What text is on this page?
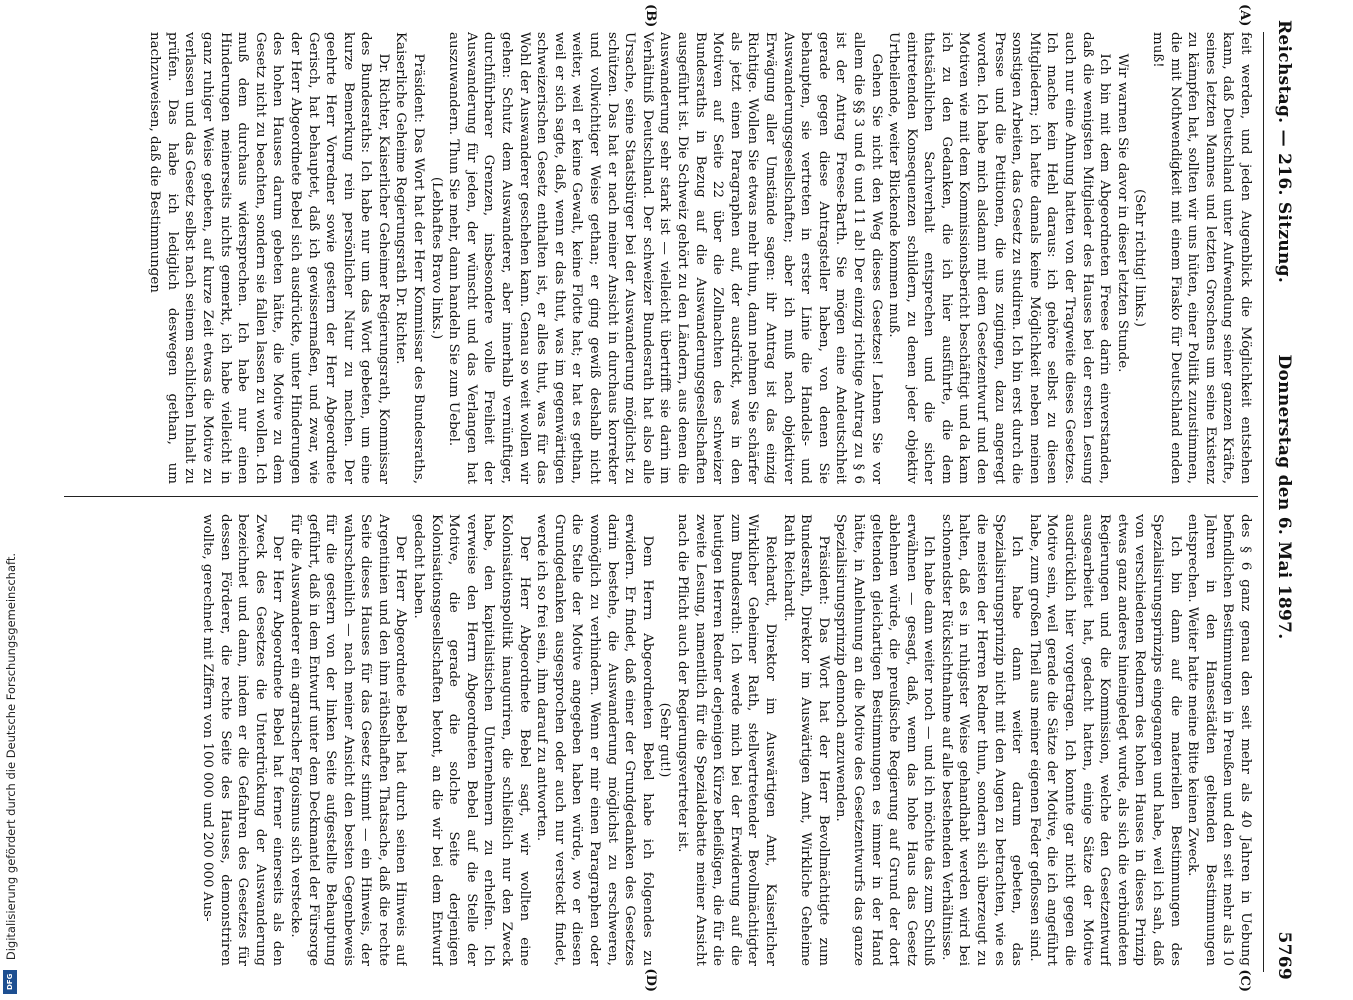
Digitalisierung gefördert durch die Deutsche Forschungsgemeinschaft.
DFG
Reichstag. — 216. Sitzung.
Donnerstag den 6. Mai 1897.
5769
(A)
(B)
(C)
(D)

feit werden, und jeden Augenblick die Möglichkeit entstehen kann, daß Deutschland unter Aufwendung seiner ganzen Kräfte, seines letzten Mannes und letzten Groschens um seine Existenz zu kämpfen hat, sollten wir uns hüten, einer Politik zuzustimmen, die mit Nothwendigkeit mit einem Fiasko für Deutschland enden muß!

(Sehr richtig! links.)

Wir warnen Sie davor in dieser letzten Stunde.

Ich bin mit dem Abgeordneten Freese darin einverstanden, daß die wenigsten Mitglieder des Hauses bei der ersten Lesung auch nur eine Ahnung hatten von der Tragweite dieses Gesetzes. Ich mache kein Hehl daraus: ich gehöre selbst zu diesen Mitgliedern; ich hatte damals keine Möglichkeit neben meinen sonstigen Arbeiten, das Gesetz zu studiren. Ich bin erst durch die Presse und die Petitionen, die uns zugingen, dazu angeregt worden. Ich habe mich alsdann mit dem Gesetzentwurf und den Motiven wie mit dem Kommissionsbericht beschäftigt und da kam ich zu den Gedanken, die ich hier ausführte, die dem thatsächlichen Sachverhalt entsprechen und die sicher eintretenden Konsequenzen schildern, zu denen jeder objektiv Urtheilende, weiter Blickende kommen muß.

Gehen Sie nicht den Weg dieses Gesetzes! Lehnen Sie vor allem die §§ 3 und 6 und 11 ab! Der einzig richtige Antrag zu § 6 ist der Antrag Freese-Barth. Sie mögen eine Andeutschheit gerade gegen diese Antragsteller haben, von denen Sie behaupten, sie vertreten in erster Linie die Handels- und Auswanderungsgesellschaften; aber ich muß nach objektiver Erwägung aller Umstände sagen: ihr Antrag ist das einzig Richtige. Wollen Sie etwas mehr thun, dann nehmen Sie schärfer als jetzt einen Paragraphen auf, der ausdrückt, was in den Motiven auf Seite 22 über die Zollnachten des schweizer Bundesraths in Bezug auf die Auswanderungsgesellschaften ausgeführt ist. Die Schweiz gehört zu den Ländern, aus denen die Auswanderung sehr stark ist — vielleicht übertrifft sie darin im Verhältniß Deutschland. Der schweizer Bundesrath hat also alle Ursache, seine Staatsbürger bei der Auswanderung möglichst zu schützen. Das hat er nach meiner Ansicht in durchaus korrekter und vollwichtiger Weise gethan; er ging gewiß deshalb nicht weiter, weil er keine Gewalt, keine Flotte hat; er hat es gethan, weil er sich sagte, daß, wenn er das thut, was im gegenwärtigen schweizerischen Gesetz enthalten ist, er alles thut, was für das Wohl der Auswanderer geschehen kann. Genau so weit wollen wir gehen: Schutz dem Auswanderer, aber innerhalb vernünftiger, durchführbarer Grenzen, insbesondere volle Freiheit der Auswanderung für jeden, der wünscht und das Verlangen hat auszuwandern. Thun Sie mehr, dann handeln Sie zum Uebel.

(Lebhaftes Bravo links.)

Präsident: Das Wort hat der Herr Kommissar des Bundesraths, Kaiserliche Geheime Regierungsrath Dr. Richter.

Dr. Richter, Kaiserlicher Geheimer Regierungsrath, Kommissar des Bundesraths: Ich habe nur um das Wort gebeten, um eine kurze Bemerkung rein persönlicher Natur zu machen. Der geehrte Herr Vorredner sowie gestern der Herr Abgeordnete Gerisch, hat behauptet, daß ich gewissermaßen, und zwar, wie der Herr Abgeordnete Bebel sich ausdrückte, unter Hinderungen des hohen Hauses darum gebeten hätte, die Motive zu dem Gesetz nicht zu beachten, sondern sie fallen lassen zu wollen. Ich muß dem durchaus widersprechen. Ich habe nur einen Hinderungen meinerseits nichts gemerkt, ich habe vielleicht in ganz ruhiger Weise gebeten, auf kurze Zeit etwas die Motive zu verlassen und das Gesetz selbst nach seinem sachlichen Inhalt zu prüfen. Das habe ich lediglich deswegen gethan, um nachzuweisen, daß die Bestimmungen

des § 6 ganz genau den seit mehr als 40 Jahren in Uebung befindlichen Bestimmungen in Preußen und den seit mehr als 10 Jahren in den Hansestädten geltenden Bestimmungen entsprechen. Weiter hatte meine Bitte keinen Zweck.

Ich bin dann auf die materiellen Bestimmungen des Spezialisirungsprinzips eingegangen und habe, weil ich sah, daß von verschiedenen Rednern des hohen Hauses in dieses Prinzip etwas ganz anderes hineingelegt wurde, als sich die verbündeten Regierungen und die Kommission, welche den Gesetzentwurf ausgearbeitet hat, gedacht hatten, einige Sätze der Motive ausdrücklich hier vorgetragen. Ich konnte gar nicht gegen die Motive sein, weil gerade die Sätze der Motive, die ich angeführt habe, zum großen Theil aus meiner eigenen Feder geflossen sind.

Ich habe dann weiter darum gebeten, das Spezialisirungsprinzip nicht mit den Augen zu betrachten, wie es die meisten der Herren Redner thun, sondern sich überzeugt zu halten, daß es in ruhigster Weise gehandhabt werden wird bei schonendster Rücksichtnahme auf alle bestehenden Verhältnisse.

Ich habe dann weiter noch — und ich möchte das zum Schluß erwähnen — gesagt, daß, wenn das hohe Haus das Gesetz ablehnen würde, die preußische Regierung auf Grund der dort geltenden gleichartigen Bestimmungen es immer in der Hand hätte, in Anlehnung an die Motive des Gesetzentwurfs das ganze Spezialisirungsprinzip dennoch anzuwenden.

Präsident: Das Wort hat der Herr Bevollmächtigte zum Bundesrath, Direktor im Auswärtigen Amt, Wirkliche Geheime Rath Reichardt.

Reichardt, Direktor im Auswärtigen Amt, Kaiserlicher Wirklicher Geheimer Rath, stellvertretender Bevollmächtigter zum Bundesrath: Ich werde mich bei der Erwiderung auf die heutigen Herren Redner derjenigen Kürze befleißigen, die für die zweite Lesung, namentlich für die Spezialdebatte meiner Ansicht nach die Pflicht auch der Regierungsvertreter ist.

(Sehr gut!)

Dem Herrn Abgeordneten Bebel habe ich folgendes zu erwidern. Er findet, daß einer der Grundgedanken des Gesetzes darin bestehe, die Auswanderung möglichst zu erschweren, womöglich zu verhindern. Wenn er mir einen Paragraphen oder die Stelle der Motive angegeben haben würde, wo er diesen Grundgedanken ausgesprochen oder auch nur versteckt findet, werde ich so frei sein, ihm darauf zu antworten.

Der Herr Abgeordnete Bebel sagt, wir wollten eine Kolonisationspolitik inauguriren, die schließlich nur den Zweck habe, den kapitalistischen Unternehmern zu erhelfen. Ich verweise den Herrn Abgeordneten Bebel auf die Stelle der Motive, die gerade die solche Seite derjenigen Kolonisationsgesellschaften betont, an die wir bei dem Entwurf gedacht haben.

Der Herr Abgeordnete Bebel hat durch seinen Hinweis auf Argentinien und den ihm räthselhaften Thatsache, daß die rechte Seite dieses Hauses für das Gesetz stimmt — ein Hinweis, der wahrscheinlich — nach meiner Ansicht den besten Gegenbeweis für die gestern von der linken Seite aufgestellte Behauptung geführt, daß in dem Entwurf unter dem Deckmantel der Fürsorge für die Auswanderer ein agrarischer Egoismus sich verstecke.

Der Herr Abgeordnete Bebel hat ferner einerseits als den Zweck des Gesetzes die Unterdrückung der Auswanderung bezeichnet und dann, indem er die Gefahren des Gesetzes für dessen Förderer, die rechte Seite des Hauses, demonstriren wollte, gerechnet mit Ziffern von 100 000 und 200 000 Aus-
